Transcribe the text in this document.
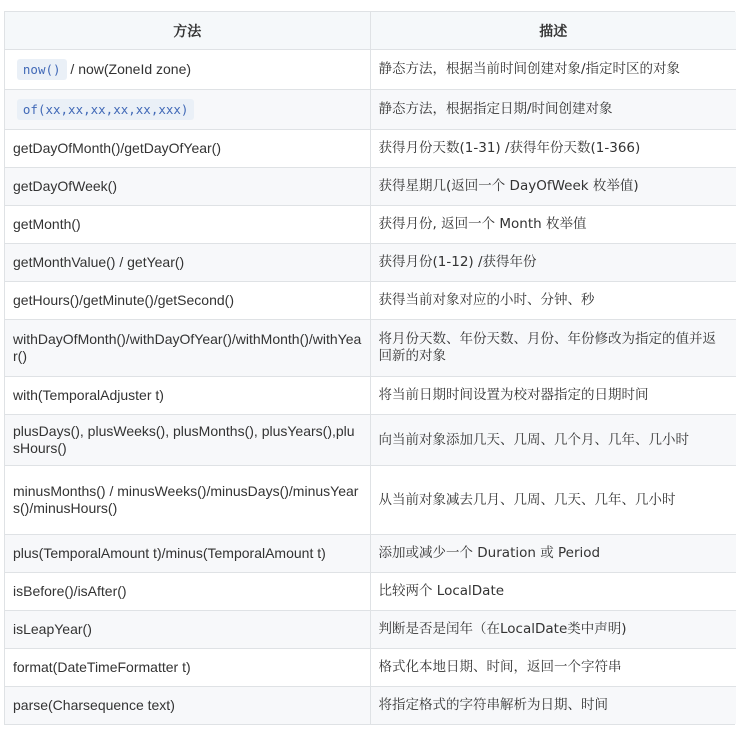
方法	描述
now() / now(ZoneId zone)	静态方法，根据当前时间创建对象/指定时区的对象
of(xx,xx,xx,xx,xx,xxx)	静态方法，根据指定日期/时间创建对象
getDayOfMonth()/getDayOfYear()	获得月份天数(1-31) /获得年份天数(1-366)
getDayOfWeek()	获得星期几(返回一个 DayOfWeek 枚举值)
getMonth()	获得月份, 返回一个 Month 枚举值
getMonthValue() / getYear()	获得月份(1-12) /获得年份
getHours()/getMinute()/getSecond()	获得当前对象对应的小时、分钟、秒
withDayOfMonth()/withDayOfYear()/withMonth()/withYear()	将月份天数、年份天数、月份、年份修改为指定的值并返回新的对象
with(TemporalAdjuster t)	将当前日期时间设置为校对器指定的日期时间
plusDays(), plusWeeks(), plusMonths(), plusYears(),plusHours()	向当前对象添加几天、几周、几个月、几年、几小时
minusMonths() / minusWeeks()/minusDays()/minusYears()/minusHours()	从当前对象减去几月、几周、几天、几年、几小时
plus(TemporalAmount t)/minus(TemporalAmount t)	添加或减少一个 Duration 或 Period
isBefore()/isAfter()	比较两个 LocalDate
isLeapYear()	判断是否是闰年（在LocalDate类中声明)
format(DateTimeFormatter t)	格式化本地日期、时间，返回一个字符串
parse(Charsequence text)	将指定格式的字符串解析为日期、时间
